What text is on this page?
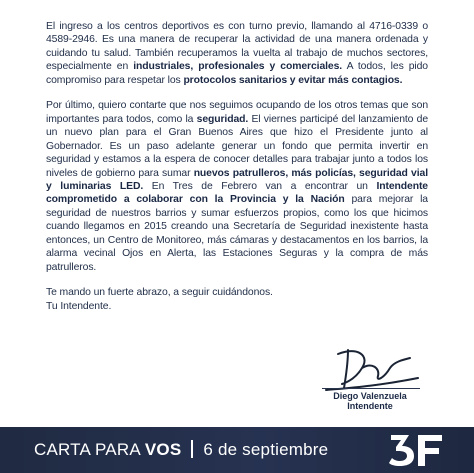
El ingreso a los centros deportivos es con turno previo, llamando al 4716-0339 o 4589-2946. Es una manera de recuperar la actividad de una manera ordenada y cuidando tu salud. También recuperamos la vuelta al trabajo de muchos sectores, especialmente en industriales, profesionales y comerciales. A todos, les pido compromiso para respetar los protocolos sanitarios y evitar más contagios.

Por último, quiero contarte que nos seguimos ocupando de los otros temas que son importantes para todos, como la seguridad. El viernes participé del lanzamiento de un nuevo plan para el Gran Buenos Aires que hizo el Presidente junto al Gobernador. Es un paso adelante generar un fondo que permita invertir en seguridad y estamos a la espera de conocer detalles para trabajar junto a todos los niveles de gobierno para sumar nuevos patrulleros, más policías, seguridad vial y luminarias LED. En Tres de Febrero van a encontrar un Intendente comprometido a colaborar con la Provincia y la Nación para mejorar la seguridad de nuestros barrios y sumar esfuerzos propios, como los que hicimos cuando llegamos en 2015 creando una Secretaría de Seguridad inexistente hasta entonces, un Centro de Monitoreo, más cámaras y destacamentos en los barrios, la alarma vecinal Ojos en Alerta, las Estaciones Seguras y la compra de más patrulleros.

Te mando un fuerte abrazo, a seguir cuidándonos.
Tu Intendente.

Diego Valenzuela
Intendente
CARTA PARA VOS 6 de septiembre
